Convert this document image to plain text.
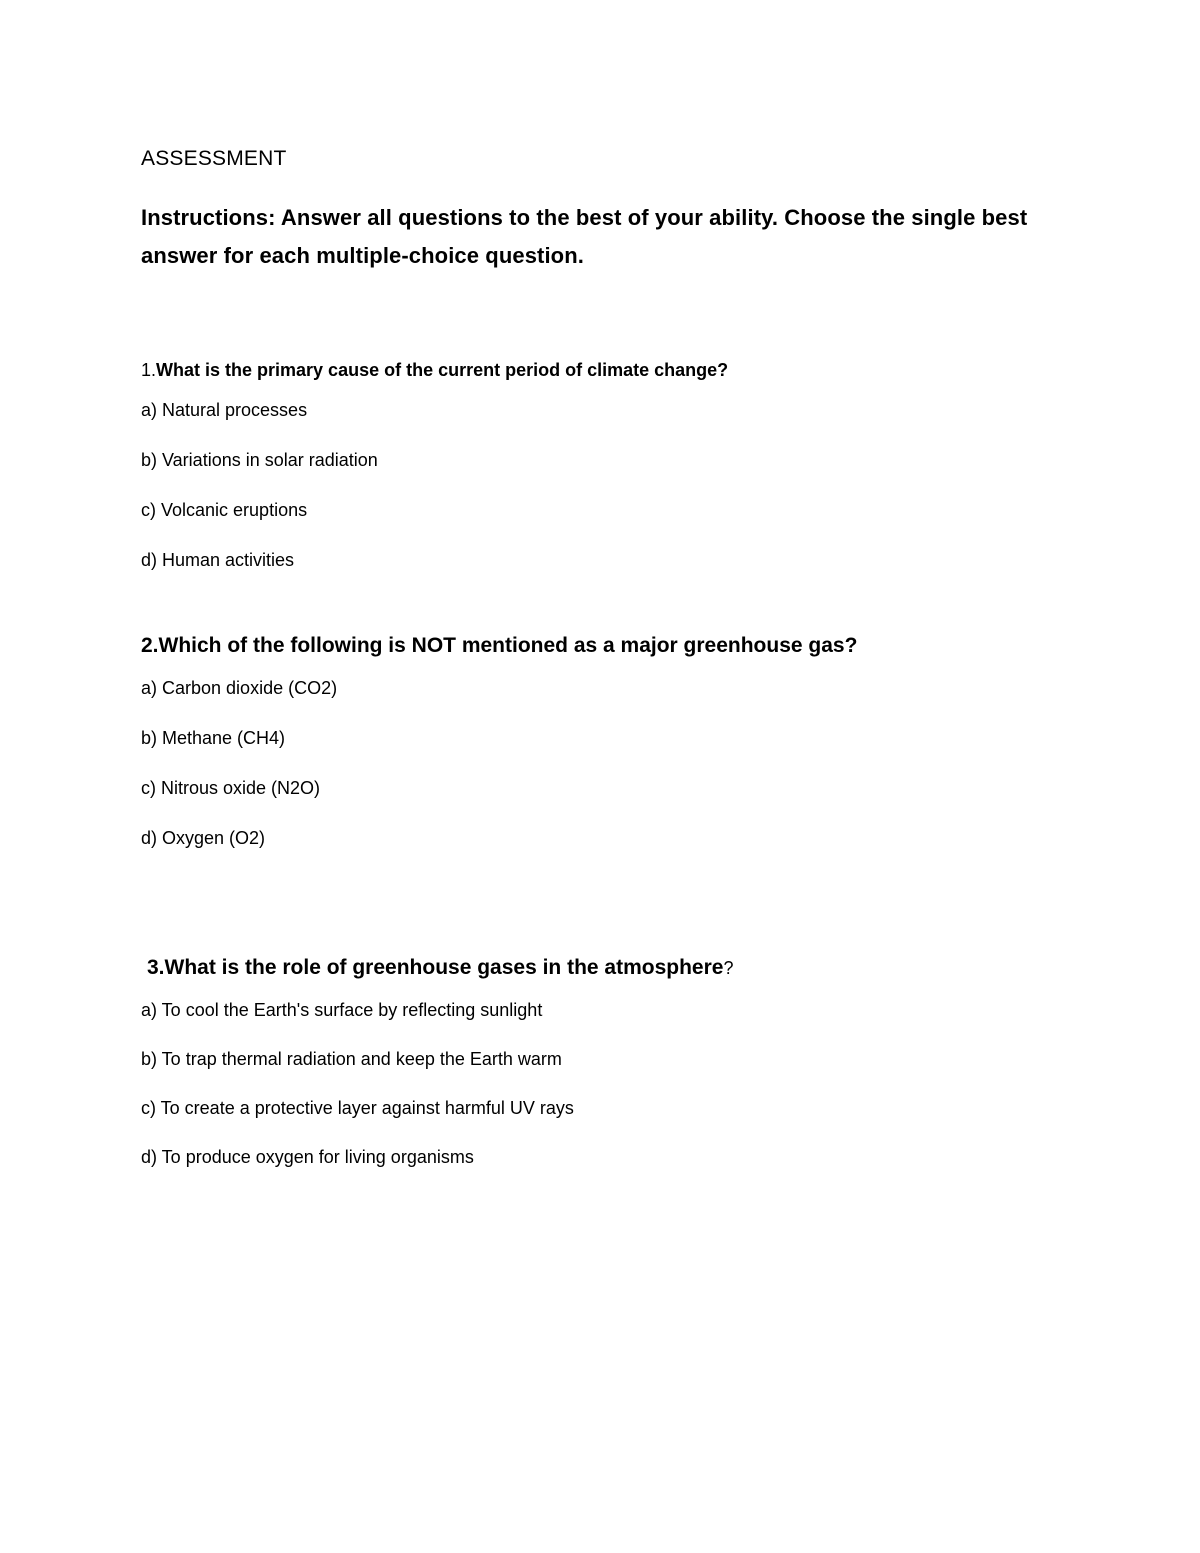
ASSESSMENT

Instructions: Answer all questions to the best of your ability. Choose the single best answer for each multiple-choice question.

1.What is the primary cause of the current period of climate change?

a) Natural processes
b) Variations in solar radiation
c) Volcanic eruptions
d) Human activities

2.Which of the following is NOT mentioned as a major greenhouse gas?

a) Carbon dioxide (CO2)
b) Methane (CH4)
c) Nitrous oxide (N2O)
d) Oxygen (O2)

3.What is the role of greenhouse gases in the atmosphere?

a) To cool the Earth's surface by reflecting sunlight
b) To trap thermal radiation and keep the Earth warm
c) To create a protective layer against harmful UV rays
d) To produce oxygen for living organisms
